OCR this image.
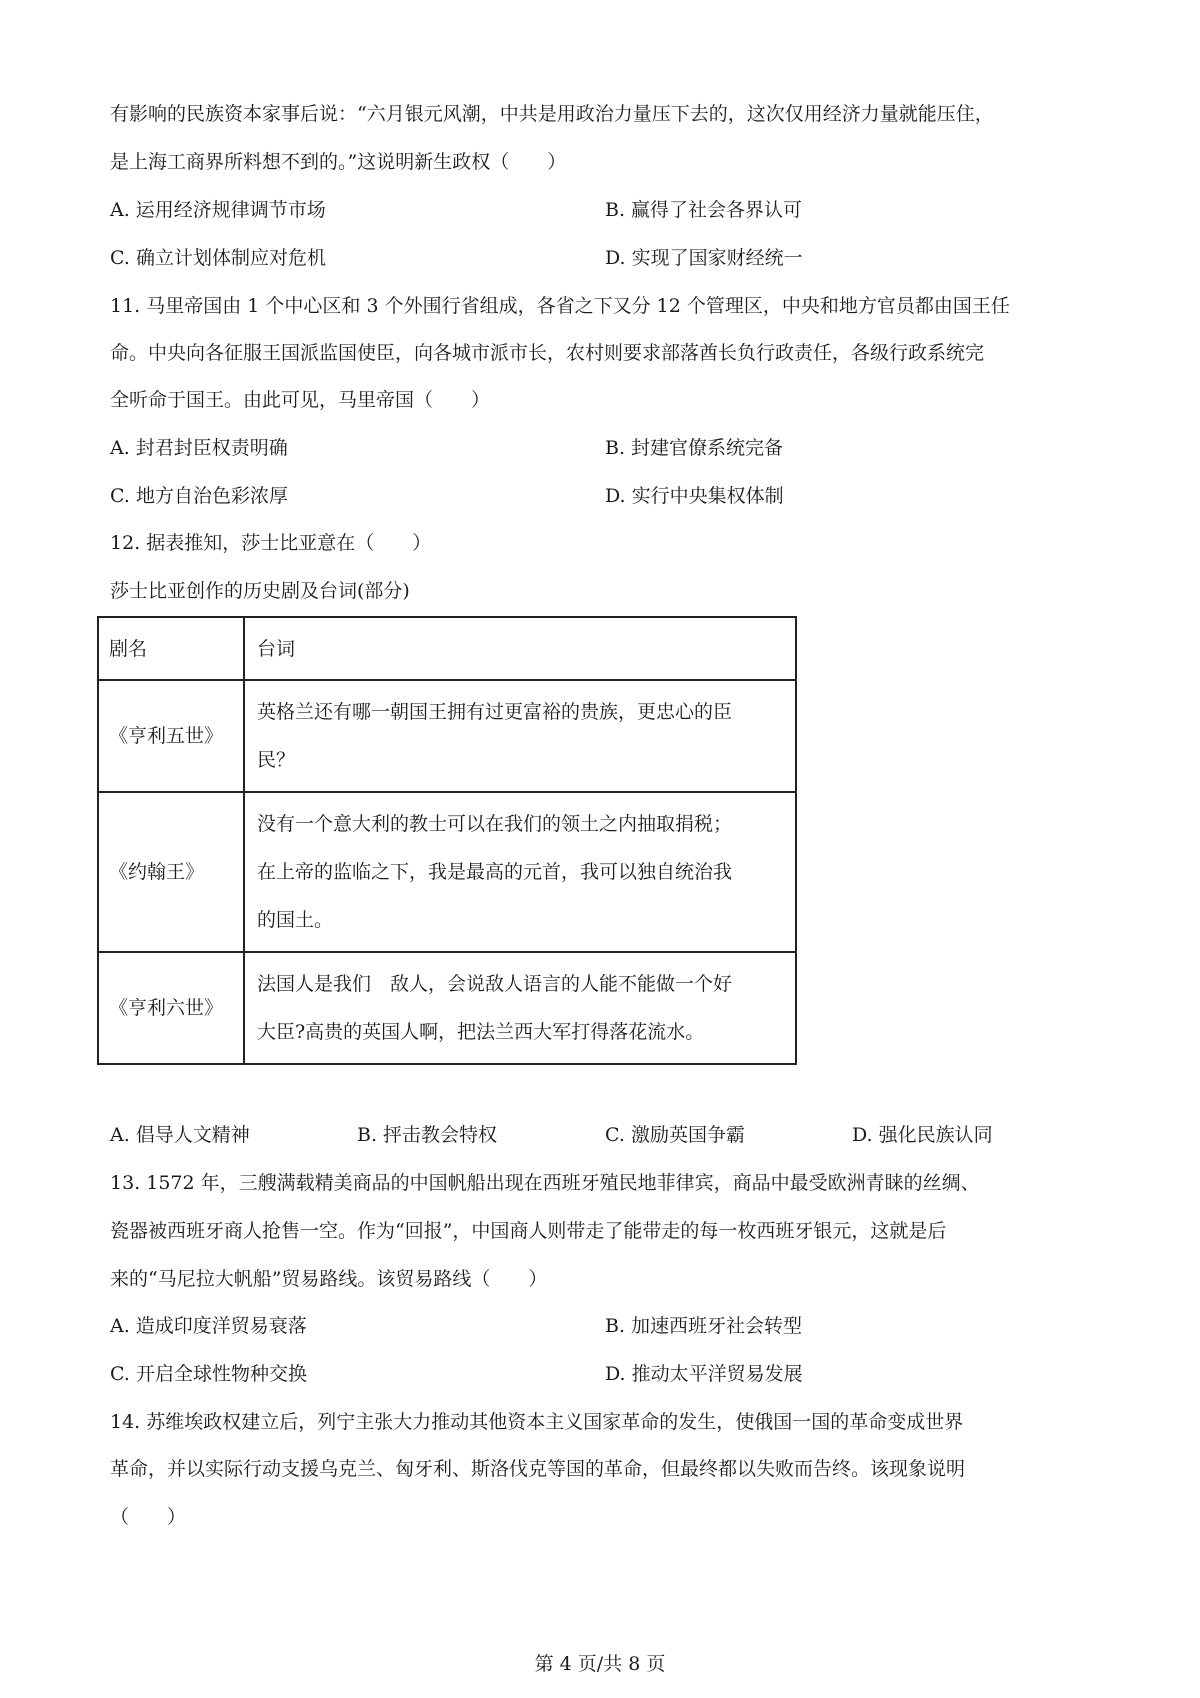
有影响的民族资本家事后说：“六月银元风潮，中共是用政治力量压下去的，这次仅用经济力量就能压住，
是上海工商界所料想不到的。”这说明新生政权（　　）
A. 运用经济规律调节市场	B. 赢得了社会各界认可
C. 确立计划体制应对危机	D. 实现了国家财经统一
11. 马里帝国由 1 个中心区和 3 个外围行省组成，各省之下又分 12 个管理区，中央和地方官员都由国王任
命。中央向各征服王国派监国使臣，向各城市派市长，农村则要求部落酋长负行政责任，各级行政系统完
全听命于国王。由此可见，马里帝国（　　）
A. 封君封臣权责明确	B. 封建官僚系统完备
C. 地方自治色彩浓厚	D. 实行中央集权体制
12. 据表推知，莎士比亚意在（　　）
莎士比亚创作的历史剧及台词(部分)
剧名	台词
《亨利五世》	英格兰还有哪一朝国王拥有过更富裕的贵族，更忠心的臣
民？

《约翰王》	没有一个意大利的教士可以在我们的领土之内抽取捐税；
在上帝的监临之下，我是最高的元首，我可以独自统治我
的国土。

《亨利六世》	法国人是我们　敌人，会说敌人语言的人能不能做一个好
大臣?高贵的英国人啊，把法兰西大军打得落花流水。
A. 倡导人文精神	B. 抨击教会特权	C. 激励英国争霸	D. 强化民族认同
13. 1572 年，三艘满载精美商品的中国帆船出现在西班牙殖民地菲律宾，商品中最受欧洲青睐的丝绸、
瓷器被西班牙商人抢售一空。作为“回报”，中国商人则带走了能带走的每一枚西班牙银元，这就是后
来的“马尼拉大帆船”贸易路线。该贸易路线（　　）
A. 造成印度洋贸易衰落	B. 加速西班牙社会转型
C. 开启全球性物种交换	D. 推动太平洋贸易发展
14. 苏维埃政权建立后，列宁主张大力推动其他资本主义国家革命的发生，使俄国一国的革命变成世界
革命，并以实际行动支援乌克兰、匈牙利、斯洛伐克等国的革命，但最终都以失败而告终。该现象说明
（　　）
第 4 页/共 8 页
